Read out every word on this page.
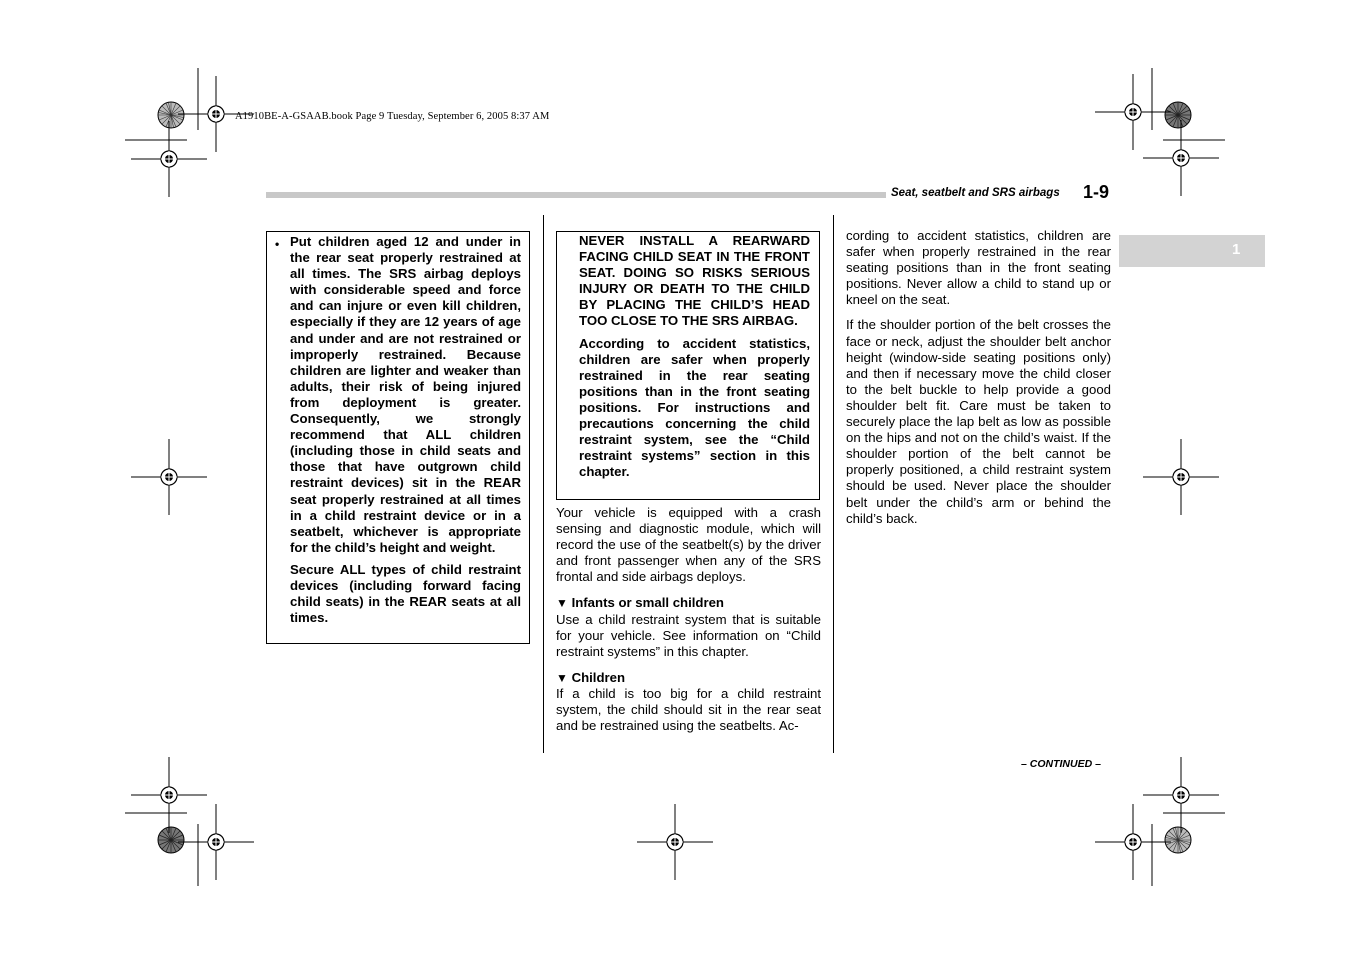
A1910BE-A-GSAAB.book Page 9 Tuesday, September 6, 2005 8:37 AM
Seat, seatbelt and SRS airbags 1-9
1
• Put children aged 12 and under in the rear seat properly restrained at all times. The SRS airbag deploys with considerable speed and force and can injure or even kill children, especially if they are 12 years of age and under and are not restrained or improperly restrained. Because children are lighter and weaker than adults, their risk of being injured from deployment is greater. Consequently, we strongly recommend that ALL children (including those in child seats and those that have outgrown child restraint devices) sit in the REAR seat properly restrained at all times in a child restraint device or in a seatbelt, whichever is appropriate for the child’s height and weight.

Secure ALL types of child restraint devices (including forward facing child seats) in the REAR seats at all times.

NEVER INSTALL A REARWARD FACING CHILD SEAT IN THE FRONT SEAT. DOING SO RISKS SERIOUS INJURY OR DEATH TO THE CHILD BY PLACING THE CHILD’S HEAD TOO CLOSE TO THE SRS AIRBAG.

According to accident statistics, children are safer when properly restrained in the rear seating positions than in the front seating positions. For instructions and precautions concerning the child restraint system, see the “Child restraint systems” section in this chapter.

Your vehicle is equipped with a crash sensing and diagnostic module, which will record the use of the seatbelt(s) by the driver and front passenger when any of the SRS frontal and side airbags deploys.

▼ Infants or small children

Use a child restraint system that is suitable for your vehicle. See information on “Child restraint systems” in this chapter.

▼ Children

If a child is too big for a child restraint system, the child should sit in the rear seat and be restrained using the seatbelts. Ac-

cording to accident statistics, children are safer when properly restrained in the rear seating positions than in the front seating positions. Never allow a child to stand up or kneel on the seat.

If the shoulder portion of the belt crosses the face or neck, adjust the shoulder belt anchor height (window-side seating positions only) and then if necessary move the child closer to the belt buckle to help provide a good shoulder belt fit. Care must be taken to securely place the lap belt as low as possible on the hips and not on the child’s waist. If the shoulder portion of the belt cannot be properly positioned, a child restraint system should be used. Never place the shoulder belt under the child’s arm or behind the child’s back.

– CONTINUED –
